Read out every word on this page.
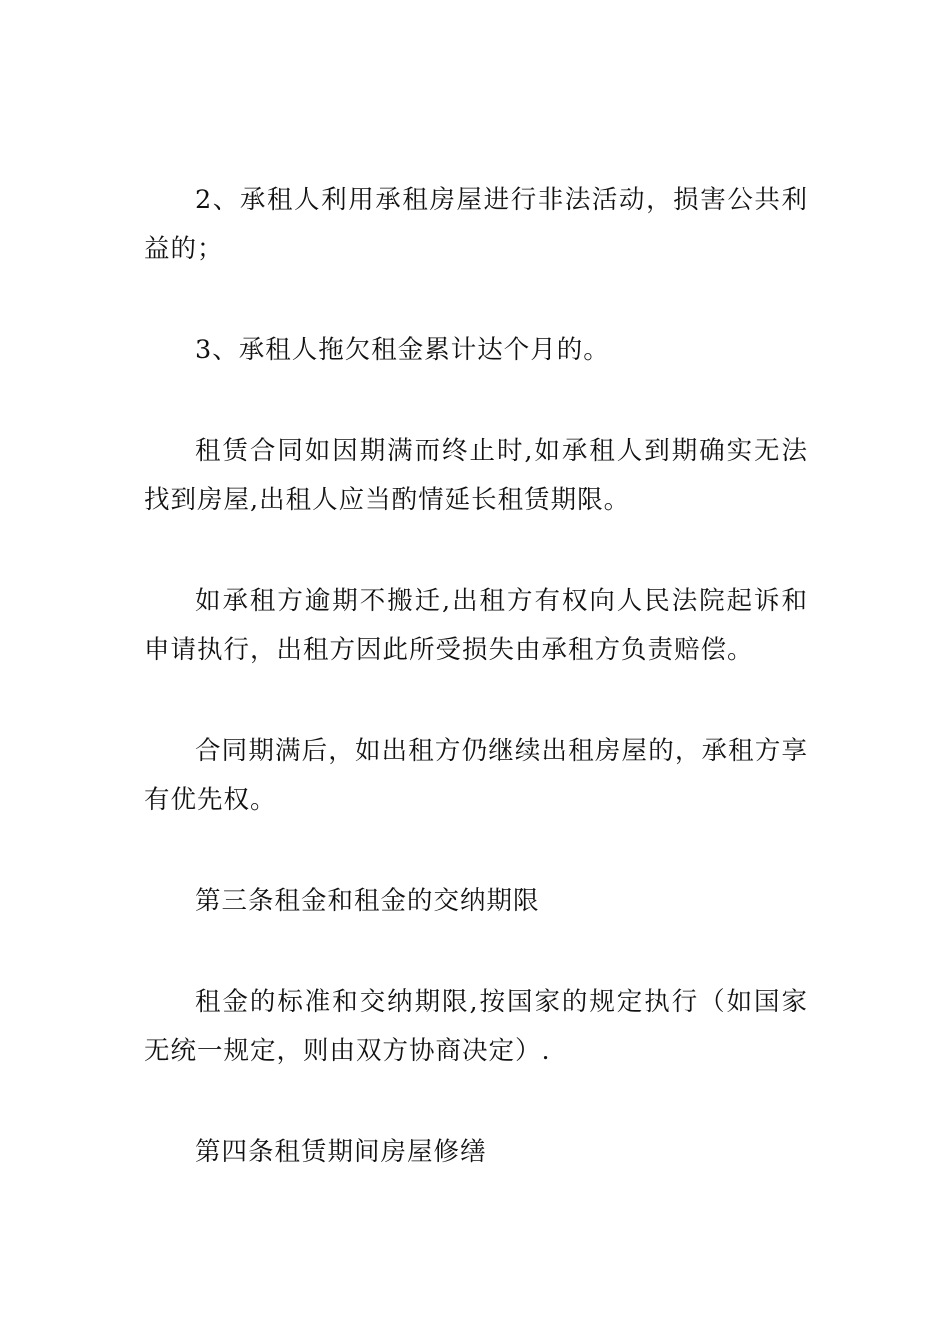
2、承租人利用承租房屋进行非法活动，损害公共利益的；

3、承租人拖欠租金累计达个月的。

租赁合同如因期满而终止时,如承租人到期确实无法找到房屋,出租人应当酌情延长租赁期限。

如承租方逾期不搬迁,出租方有权向人民法院起诉和申请执行，出租方因此所受损失由承租方负责赔偿。

合同期满后，如出租方仍继续出租房屋的，承租方享有优先权。

第三条租金和租金的交纳期限

租金的标准和交纳期限,按国家的规定执行（如国家无统一规定，则由双方协商决定）.

第四条租赁期间房屋修缮
